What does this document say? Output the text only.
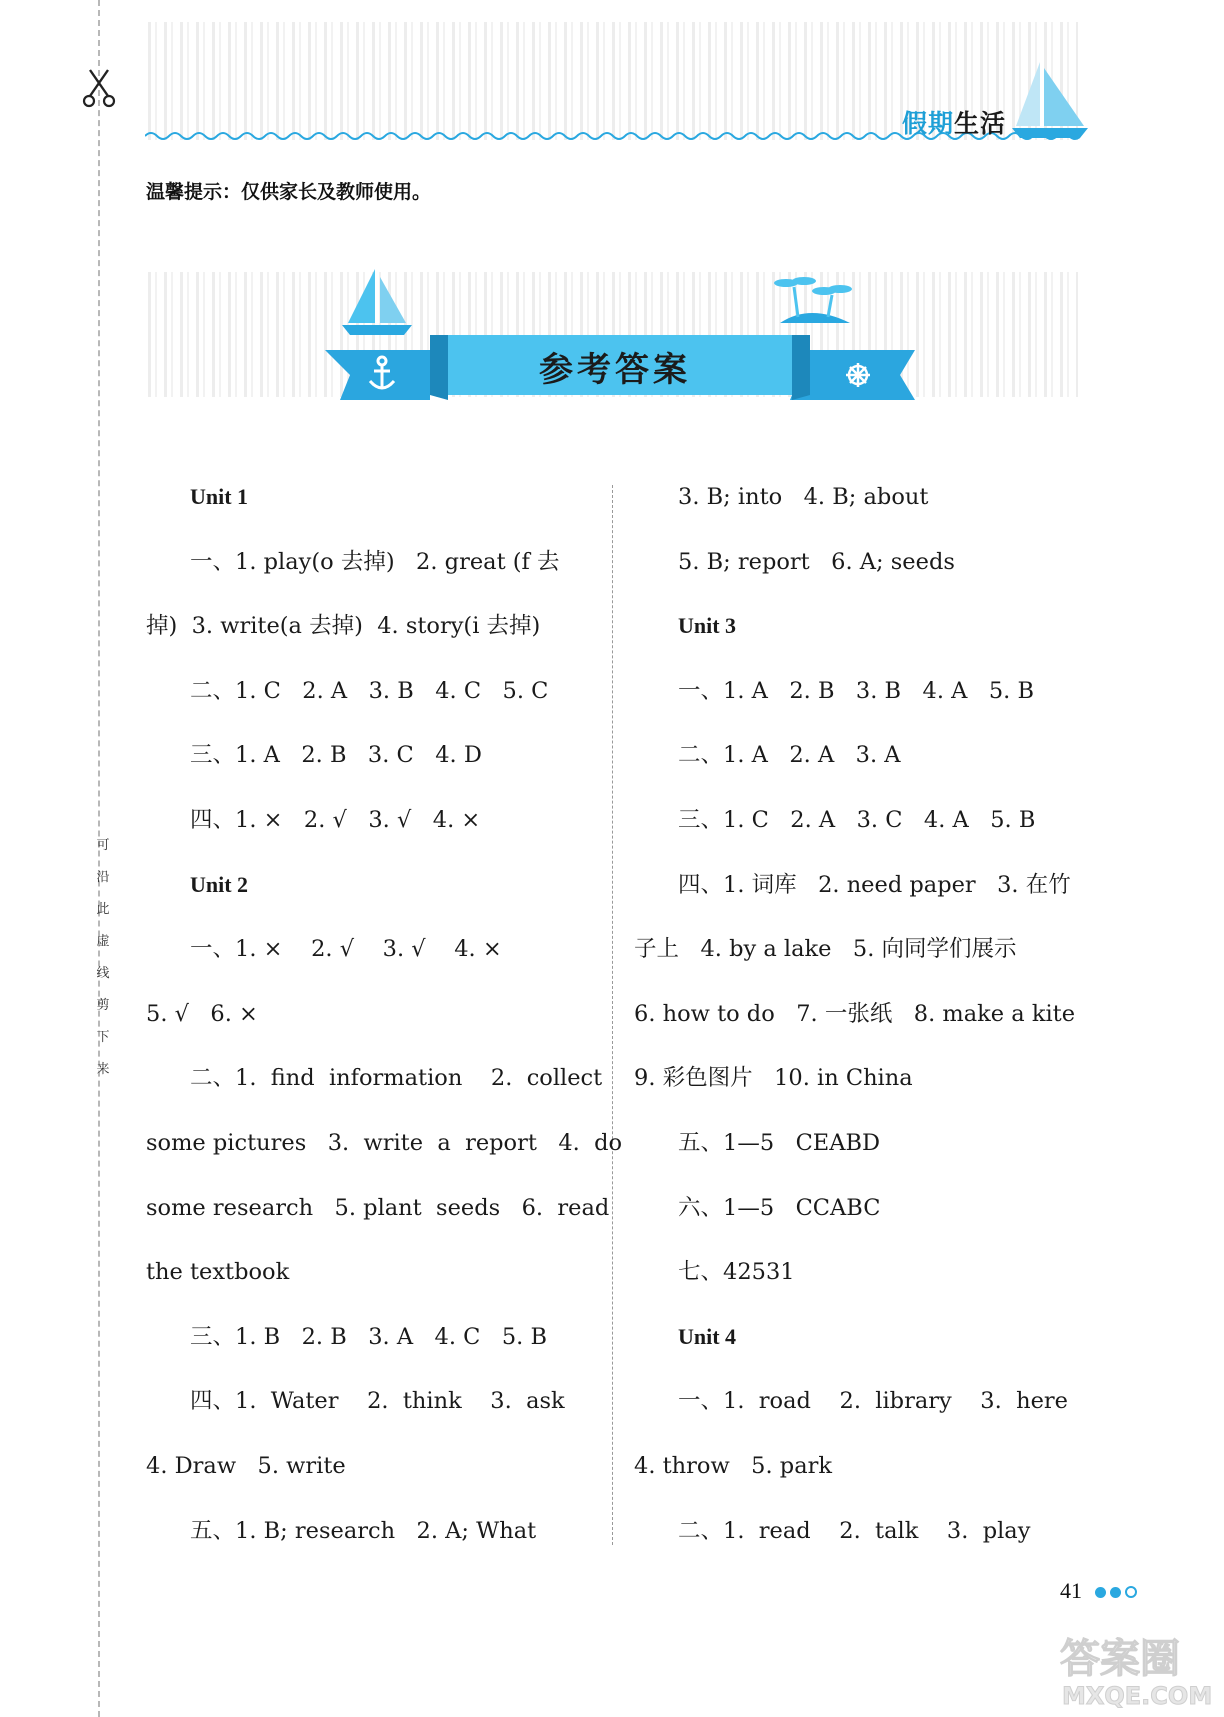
可沿此虚线剪下来
假期生活
温馨提示：仅供家长及教师使用。
参考答案
Unit 1
一、1. play(o 去掉)   2. great (f 去
掉)  3. write(a 去掉)  4. story(i 去掉)
二、1. C   2. A   3. B   4. C   5. C
三、1. A   2. B   3. C   4. D
四、1. ×   2. √   3. √   4. ×
Unit 2
一、1. ×    2. √    3. √    4. ×
5. √   6. ×
二、1.  find  information    2.  collect
some pictures   3.  write  a  report   4.  do
some research   5. plant  seeds   6.  read
the textbook
三、1. B   2. B   3. A   4. C   5. B
四、1.  Water    2.  think    3.  ask
4. Draw   5. write
五、1. B; research   2. A; What
3. B; into   4. B; about
5. B; report   6. A; seeds
Unit 3
一、1. A   2. B   3. B   4. A   5. B
二、1. A   2. A   3. A
三、1. C   2. A   3. C   4. A   5. B
四、1. 词库   2. need paper   3. 在竹
子上   4. by a lake   5. 向同学们展示
6. how to do   7. 一张纸   8. make a kite
9. 彩色图片   10. in China
五、1—5   CEABD
六、1—5   CCABC
七、42531
Unit 4
一、1.  road    2.  library    3.  here
4. throw   5. park
二、1.  read    2.  talk    3.  play
41
答案圈
MXQE.COM
